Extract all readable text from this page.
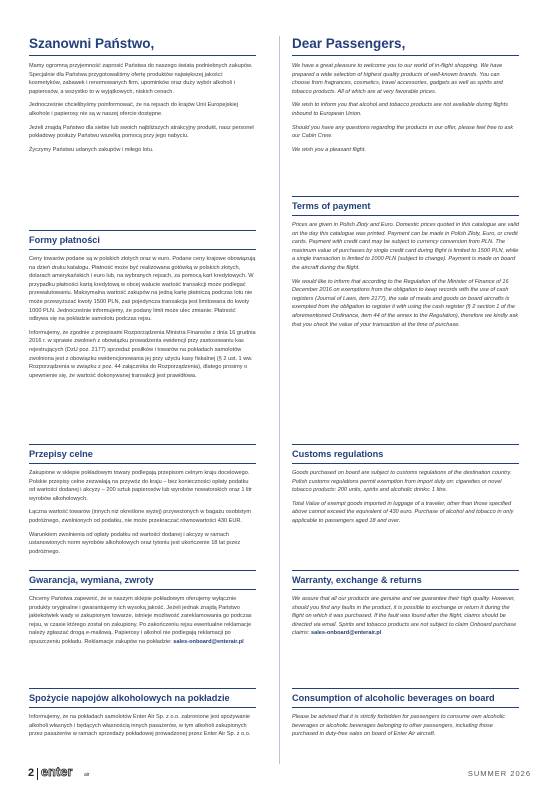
Szanowni Państwo,

Mamy ogromną przyjemność zaprosić Państwa do naszego świata podniebnych zakupów. Specjalnie dla Państwa przygotowaliśmy ofertę produktów największej jakości: kosmetyków, zabawek i renomowanych firm, upominków oraz duży wybór alkoholi i papierosów, a wszystko to w wyjątkowych, niskich cenach.

Jednocześnie chcielibyśmy poinformować, że na rejsach do krajów Unii Europejskiej alkohole i papierosy nie są w naszej ofercie dostępne.

Jeżeli znajdą Państwo dla siebie lub swoich najbliższych atrakcyjny produkt, nasz personel pokładowy posłuży Państwu wszelką pomocą przy jego nabyciu.

Życzymy Państwu udanych zakupów i miłego lotu.

Formy płatności

Ceny towarów podane są w polskich złotych oraz w euro. Podane ceny krajowe obowiązują na dzień druku katalogu. Płatność może być realizowana gotówką w polskich złotych, dolarach amerykańskich i euro lub, na wybranych rejsach, za pomocą kart kredytowych. W przypadku płatności kartą kredytową w obcej walucie wartość transakcji może podlegać przewalutowaniu. Maksymalna wartość zakupów na jedną kartę płatniczą podczas lotu nie może przewyższać kwoty 1500 PLN, zaś pojedyncza transakcja jest limitowana do kwoty 1000 PLN. Jednocześnie informujemy, że podany limit może ulec zmianie. Płatność odbywa się na pokładzie samolotu podczas rejsu.

Informujemy, że zgodnie z przepisami Rozporządzenia Ministra Finansów z dnia 16 grudnia 2016 r. w sprawie zwolnień z obowiązku prowadzenia ewidencji przy zastosowaniu kas rejestrujących (DzU poz. 2177) sprzedaż posiłków i towarów na pokładach samolotów zwolniona jest z obowiązku ewidencjonowania jej przy użyciu kasy fiskalnej (§ 2 ust. 1 ww. Rozporządzenia w związku z poz. 44 załącznika do Rozporządzenia), dlatego prosimy o upewnienie się, że wartość dokonywanej transakcji jest prawidłowa.

Przepisy celne

Zakupione w sklepie pokładowym towary podlegają przepisom celnym kraju docelowego. Polskie przepisy celne zezwalają na przywóz do kraju – bez konieczności opłaty podatku od wartości dodanej i akcyzy – 200 sztuk papierosów lub wyrobów nowatorskich oraz 1 litr wyrobów alkoholowych.

Łączna wartość towarów (innych niż określone wyżej) przywożonych w bagażu osobistym podróżnego, zwolnionych od podatku, nie może przekraczać równowartości 430 EUR.

Warunkiem zwolnienia od opłaty podatku od wartości dodanej i akcyzy w ramach ustanowionych norm wyrobów alkoholowych oraz tytoniu jest ukończenie 18 lat przez podróżnego.

Gwarancja, wymiana, zwroty

Chcemy Państwa zapewnić, że w naszym sklepie pokładowym oferujemy wyłącznie produkty oryginalne i gwarantujemy ich wysoką jakość. Jeżeli jednak znajdą Państwo jakiekolwiek wady w zakupionym towarze, istnieje możliwość zareklamowania go podczas rejsu, w czasie którego został on zakupiony. Po zakończeniu rejsu ewentualne reklamacje należy zgłaszać drogą e-mailową. Papierosy i alkohol nie podlegają reklamacji po opuszczeniu pokładu. Reklamacje zakupów na pokładzie: sales-onboard@enterair.pl

Spożycie napojów alkoholowych na pokładzie

Informujemy, że na pokładach samolotów Enter Air Sp. z o.o. zabronione jest spożywanie alkoholi własnych i będących własnością innych pasażerów, w tym alkoholi zakupionych przez pasażerów w ramach sprzedaży pokładowej prowadzonej przez Enter Air Sp. z o.o.

Dear Passengers,

We have a great pleasure to welcome you to our world of in-flight shopping. We have prepared a wide selection of highest quality products of well-known brands. You can choose from fragrances, cosmetics, travel accessories, gadgets as well as spirits and tobacco products. All of which are at very favorable prices.

We wish to inform you that alcohol and tobacco products are not available during flights inbound to European Union.

Should you have any questions regarding the products in our offer, please feel free to ask our Cabin Crew.

We wish you a pleasant flight.

Terms of payment

Prices are given in Polish Złoty and Euro. Domestic prices quoted in this catalogue are valid on the day this catalogue was printed. Payment can be made in Polish Złoty, Euro, or credit cards. Payment with credit card may be subject to currency conversion from PLN. The maximum value of purchases by single credit card during flight is limited to 1500 PLN, while a single transaction is limited to 1000 PLN (subject to change). Payment is made on board the aircraft during the flight.

We would like to inform that according to the Regulation of the Minister of Finance of 16 December 2016 on exemptions from the obligation to keep records with the use of cash registers (Journal of Laws, item 2177), the sale of meals and goods on board aircrafts is exempted from the obligation to register it with using the cash register (§ 2 section 1 of the aforementioned Ordinance, item 44 of the annex to the Regulation), therefore we kindly ask that you check the value of your transaction at the time of purchase.

Customs regulations

Goods purchased on board are subject to customs regulations of the destination country. Polish customs regulations permit exemption from import duty on: cigarettes or novel tobacco products: 200 units, spirits and alcoholic drinks: 1 litre.

Total Value of exempt goods imported in luggage of a traveler, other than those specified above cannot exceed the equivalent of 430 euro. Purchase of alcohol and tobacco in only applicable to passengers aged 18 and over.

Warranty, exchange & returns

We assure that all our products are genuine and we guarantee their high quality. However, should you find any faults in the product, it is possible to exchange or return it during the flight on which it was purchased. If the fault was found after the flight, claims should be directed via email. Spirits and tobacco products are not subject to claim Onboard purchase claims: sales-onboard@enterair.pl

Consumption of alcoholic beverages on board

Please be advised that it is strictly forbidden for passengers to consume own alcoholic beverages or alcoholic beverages belonging to other passengers, including those purchased in duty-free sales on board of Enter Air aircraft.

2 enter air	SUMMER 2026
